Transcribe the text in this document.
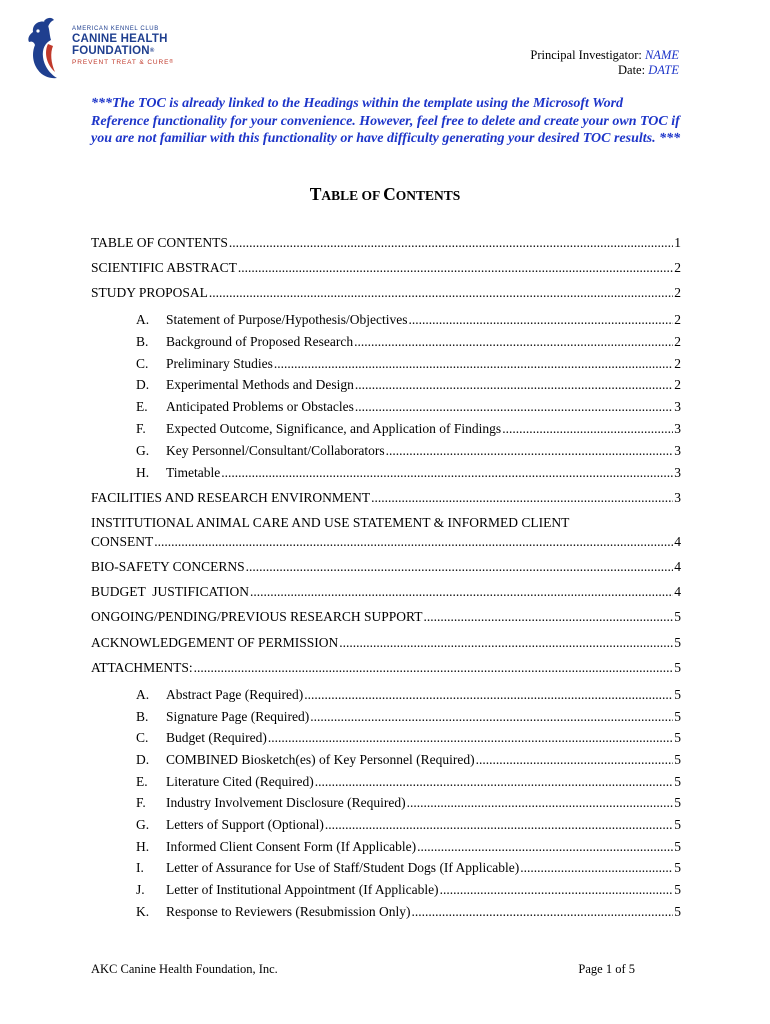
AMERICAN KENNEL CLUB
CANINE HEALTH
FOUNDATION®
PREVENT TREAT & CURE®	Principal Investigator: NAME
Date: DATE
***The TOC is already linked to the Headings within the template using the Microsoft Word Reference functionality for your convenience. However, feel free to delete and create your own TOC if you are not familiar with this functionality or have difficulty generating your desired TOC results. ***
TABLE OF CONTENTS
TABLE OF CONTENTS .....	1
SCIENTIFIC ABSTRACT .....	2
STUDY PROPOSAL .....	2
A.	Statement of Purpose/Hypothesis/Objectives .....	2
B.	Background of Proposed Research .....	2
C.	Preliminary Studies .....	2
D.	Experimental Methods and Design .....	2
E.	Anticipated Problems or Obstacles .....	3
F.	Expected Outcome, Significance, and Application of Findings .....	3
G.	Key Personnel/Consultant/Collaborators .....	3
H.	Timetable .....	3
FACILITIES AND RESEARCH ENVIRONMENT .....	3
INSTITUTIONAL ANIMAL CARE AND USE STATEMENT & INFORMED CLIENT
CONSENT .....	4
BIO-SAFETY CONCERNS .....	4
BUDGET  JUSTIFICATION .....	4
ONGOING/PENDING/PREVIOUS RESEARCH SUPPORT .....	5
ACKNOWLEDGEMENT OF PERMISSION .....	5
ATTACHMENTS: .....	5
A.	Abstract Page (Required) .....	5
B.	Signature Page (Required) .....	5
C.	Budget (Required) .....	5
D.	COMBINED Biosketch(es) of Key Personnel (Required) .....	5
E.	Literature Cited (Required) .....	5
F.	Industry Involvement Disclosure (Required) .....	5
G.	Letters of Support (Optional) .....	5
H.	Informed Client Consent Form (If Applicable) .....	5
I.	Letter of Assurance for Use of Staff/Student Dogs (If Applicable) .....	5
J.	Letter of Institutional Appointment (If Applicable) .....	5
K.	Response to Reviewers (Resubmission Only) .....	5
AKC Canine Health Foundation, Inc.	Page 1 of 5
